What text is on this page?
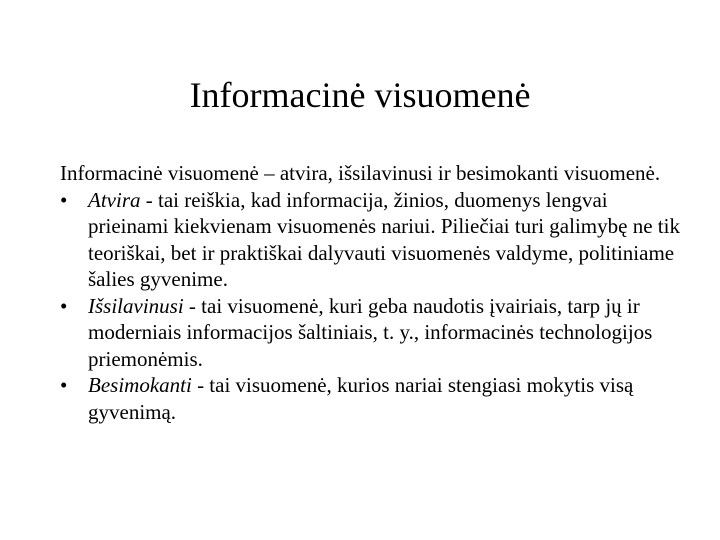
Informacinė visuomenė

Informacinė visuomenė – atvira, išsilavinusi ir besimokanti visuomenė.

• Atvira - tai reiškia, kad informacija, žinios, duomenys lengvai prieinami kiekvienam visuomenės nariui. Piliečiai turi galimybę ne tik teoriškai, bet ir praktiškai dalyvauti visuomenės valdyme, politiniame šalies gyvenime.
• Išsilavinusi - tai visuomenė, kuri geba naudotis įvairiais, tarp jų ir moderniais informacijos šaltiniais, t. y., informacinės technologijos priemonėmis.
• Besimokanti - tai visuomenė, kurios nariai stengiasi mokytis visą gyvenimą.
